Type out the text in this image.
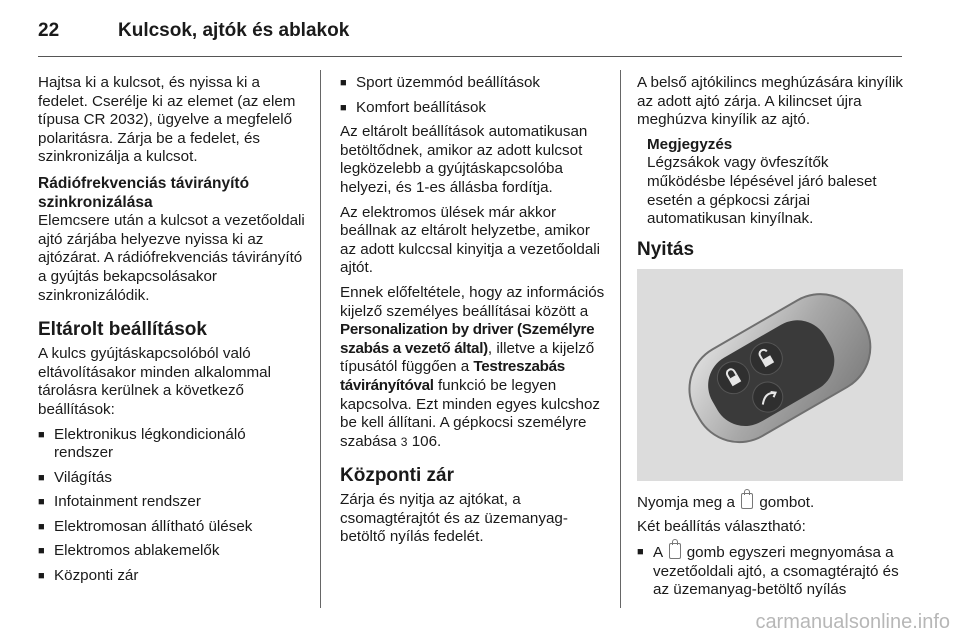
22	Kulcsok, ajtók és ablakok

Hajtsa ki a kulcsot, és nyissa ki a fedelet. Cserélje ki az elemet (az elem típusa CR 2032), ügyelve a megfelelő polaritásra. Zárja be a fedelet, és szinkronizálja a kulcsot.

Rádiófrekvenciás távirányító szinkronizálása

Elemcsere után a kulcsot a vezetőoldali ajtó zárjába helyezve nyissa ki az ajtózárat. A rádiófrekvenciás távirányító a gyújtás bekapcsolásakor szinkronizálódik.

Eltárolt beállítások

A kulcs gyújtáskapcsolóból való eltávolításakor minden alkalommal tárolásra kerülnek a következő beállítások:

■ Elektronikus légkondicionáló rendszer
■ Világítás
■ Infotainment rendszer
■ Elektromosan állítható ülések
■ Elektromos ablakemelők
■ Központi zár
■ Sport üzemmód beállítások
■ Komfort beállítások

Az eltárolt beállítások automatikusan betöltődnek, amikor az adott kulcsot legközelebb a gyújtáskapcsolóba helyezi, és 1-es állásba fordítja.

Az elektromos ülések már akkor beállnak az eltárolt helyzetbe, amikor az adott kulccsal kinyitja a vezetőoldali ajtót.

Ennek előfeltétele, hogy az információs kijelző személyes beállításai között a Personalization by driver (Személyre szabás a vezető által), illetve a kijelző típusától függően a Testreszabás távirányítóval funkció be legyen kapcsolva. Ezt minden egyes kulcshoz be kell állítani. A gépkocsi személyre szabása 3 106.

Központi zár

Zárja és nyitja az ajtókat, a csomagtérajtót és az üzemanyag-betöltő nyílás fedelét.

A belső ajtókilincs meghúzására kinyílik az adott ajtó zárja. A kilincset újra meghúzva kinyílik az ajtó.

Megjegyzés
Légzsákok vagy övfeszítők működésbe lépésével járó baleset esetén a gépkocsi zárjai automatikusan kinyílnak.
Nyitás

Nyomja meg a  gombot.

Két beállítás választható:

■ A  gomb egyszeri megnyomása a vezetőoldali ajtó, a csomagtérajtó és az üzemanyag-betöltő nyílás
carmanualsonline.info
